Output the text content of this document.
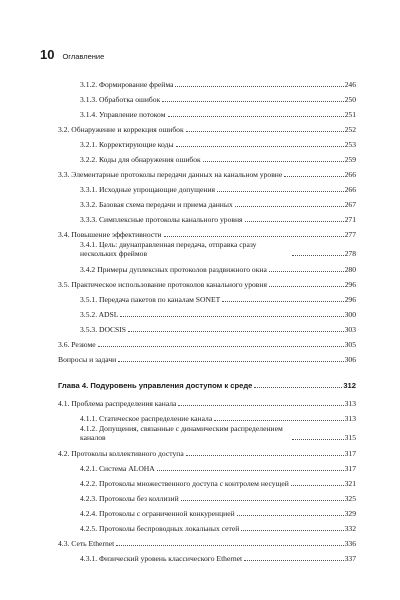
10 Оглавление
3.1.2. Формирование фрейма	246
3.1.3. Обработка ошибок	250
3.1.4. Управление потоком	251
3.2. Обнаружение и коррекция ошибок	252
3.2.1. Корректирующие коды	253
3.2.2. Коды для обнаружения ошибок	259
3.3. Элементарные протоколы передачи данных на канальном уровне	266
3.3.1. Исходные упрощающие допущения	266
3.3.2. Базовая схема передачи и приема данных	267
3.3.3. Симплексные протоколы канального уровня	271
3.4. Повышение эффективности	277
3.4.1. Цель: двунаправленная передача, отправка сразу нескольких фреймов	278
3.4.2 Примеры дуплексных протоколов раздвижного окна	280
3.5. Практическое использование протоколов канального уровня	296
3.5.1. Передача пакетов по каналам SONET	296
3.5.2. ADSL	300
3.5.3. DOCSIS	303
3.6. Резюме	305
Вопросы и задачи	306
Глава 4. Подуровень управления доступом к среде	312
4.1. Проблема распределения канала	313
4.1.1. Статическое распределение канала	313
4.1.2. Допущения, связанные с динамическим распределением каналов	315
4.2. Протоколы коллективного доступа	317
4.2.1. Система ALOHA	317
4.2.2. Протоколы множественного доступа с контролем несущей	321
4.2.3. Протоколы без коллизий	325
4.2.4. Протоколы с ограниченной конкуренцией	329
4.2.5. Протоколы беспроводных локальных сетей	332
4.3. Сеть Ethernet	336
4.3.1. Физический уровень классического Ethernet	337
